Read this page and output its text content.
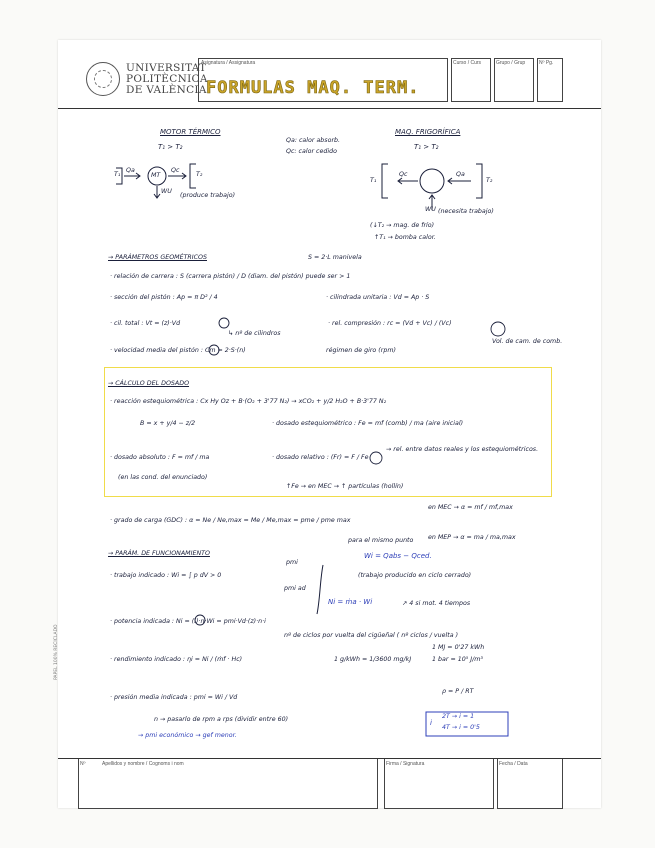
UNIVERSITAT
POLITÈCNICA
DE VALÈNCIA
Asignatura / Assignatura
FORMULAS MAQ. TERM.
Curso / Curs	Grupo / Grup	Nº Pg.
MOTOR TÉRMICO
T₁ > T₂
Qa: calor absorb.
Qc: calor cedido
T₁
Qa
MT
Qc
T₂
WU
(produce trabajo)
MAQ. FRIGORÍFICA
T₁ > T₂
T₁
Qc	Qa
T₂
WU (necesita trabajo)
(↓T₂ → mag. de frío)
↑T₁ → bomba calor.
→ PARÁMETROS GEOMÉTRICOS	S = 2·L manivela
· relación de carrera : S (carrera pistón) / D (diam. del pistón) puede ser > 1
· sección del pistón : Ap = π D² / 4	· cilindrada unitaria : Vd = Ap · S
· cil. total : Vt = (z)·Vd
↳ nº de cilindros
· rel. compresión : rc = (Vd + Vc) / (Vc)
Vol. de cam. de comb.
· velocidad media del pistón : Cm = 2·S·(n)	régimen de giro (rpm)
→ CÁLCULO DEL DOSADO
· reacción estequiométrica : Cx Hy Oz + B·(O₂ + 3'77 N₂) → xCO₂ + y/2 H₂O + B·3'77 N₂
B = x + y/4 − z/2	· dosado estequiométrico : Fe = mf (comb) / ma (aire inicial)
· dosado absoluto : F = mf / ma	· dosado relativo : (Fr) = F / Fe
→ rel. entre datos reales y los estequiométricos.
(en las cond. del enunciado)
↑Fe → en MEC → ↑ partículas (hollín)
· grado de carga (GDC) : α = Ne / Ne,max = Me / Me,max = pme / pme max
en MEC → α = mf / mf,max
en MEP → α = ma / ma,max
para el mismo punto
→ PARÁM. DE FUNCIONAMIENTO	Wi = Qabs − Qced.
pmi
pmi ad
· trabajo indicado : Wi = ∫ p dV > 0	(trabajo producido en ciclo cerrado)
Ni = ṁa · Wi	↗ 4 si mot. 4 tiempos
· potencia indicada : Ni = (i)·n·Wi = pmi·Vd·(z)·n·i
nº de ciclos por vuelta del cigüeñal ( nº ciclos / vuelta )
· rendimiento indicado : ηi = Ni / (ṁf · Hc)	1 g/kWh = 1/3600 mg/kJ
1 MJ = 0'27 kWh
1 bar = 10⁵ J/m³
· presión media indicada : pmi = Wi / Vd
ρ = P / RT
i
2T → i = 1
4T → i = 0'5
n → pasarlo de rpm a rps (dividir entre 60)
→ pmi económico → gef menor.
PAPEL 100% RECICLADO
Nº	Apellidos y nombre / Cognoms i nom	Firma / Signatura	Fecha / Data
